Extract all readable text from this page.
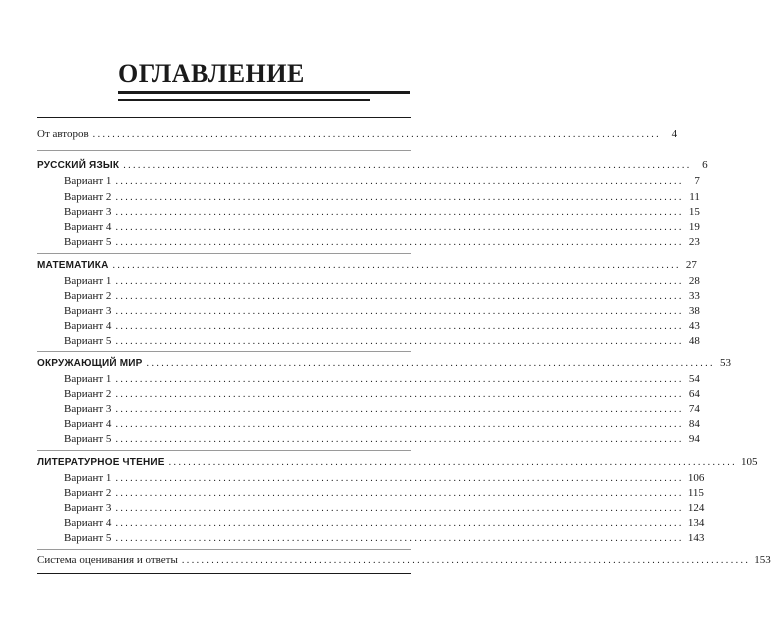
ОГЛАВЛЕНИЕ
От авторов .................................................................................................................... 4
РУССКИЙ ЯЗЫК .................................................................................................................... 6
Вариант 1 .................................................................................................................... 7
Вариант 2 .................................................................................................................... 11
Вариант 3 .................................................................................................................... 15
Вариант 4 .................................................................................................................... 19
Вариант 5 .................................................................................................................... 23
МАТЕМАТИКА .................................................................................................................... 27
Вариант 1 .................................................................................................................... 28
Вариант 2 .................................................................................................................... 33
Вариант 3 .................................................................................................................... 38
Вариант 4 .................................................................................................................... 43
Вариант 5 .................................................................................................................... 48
ОКРУЖАЮЩИЙ МИР .................................................................................................................... 53
Вариант 1 .................................................................................................................... 54
Вариант 2 .................................................................................................................... 64
Вариант 3 .................................................................................................................... 74
Вариант 4 .................................................................................................................... 84
Вариант 5 .................................................................................................................... 94
ЛИТЕРАТУРНОЕ ЧТЕНИЕ .................................................................................................................... 105
Вариант 1 .................................................................................................................... 106
Вариант 2 .................................................................................................................... 115
Вариант 3 .................................................................................................................... 124
Вариант 4 .................................................................................................................... 134
Вариант 5 .................................................................................................................... 143
Система оценивания и ответы .................................................................................................................... 153
